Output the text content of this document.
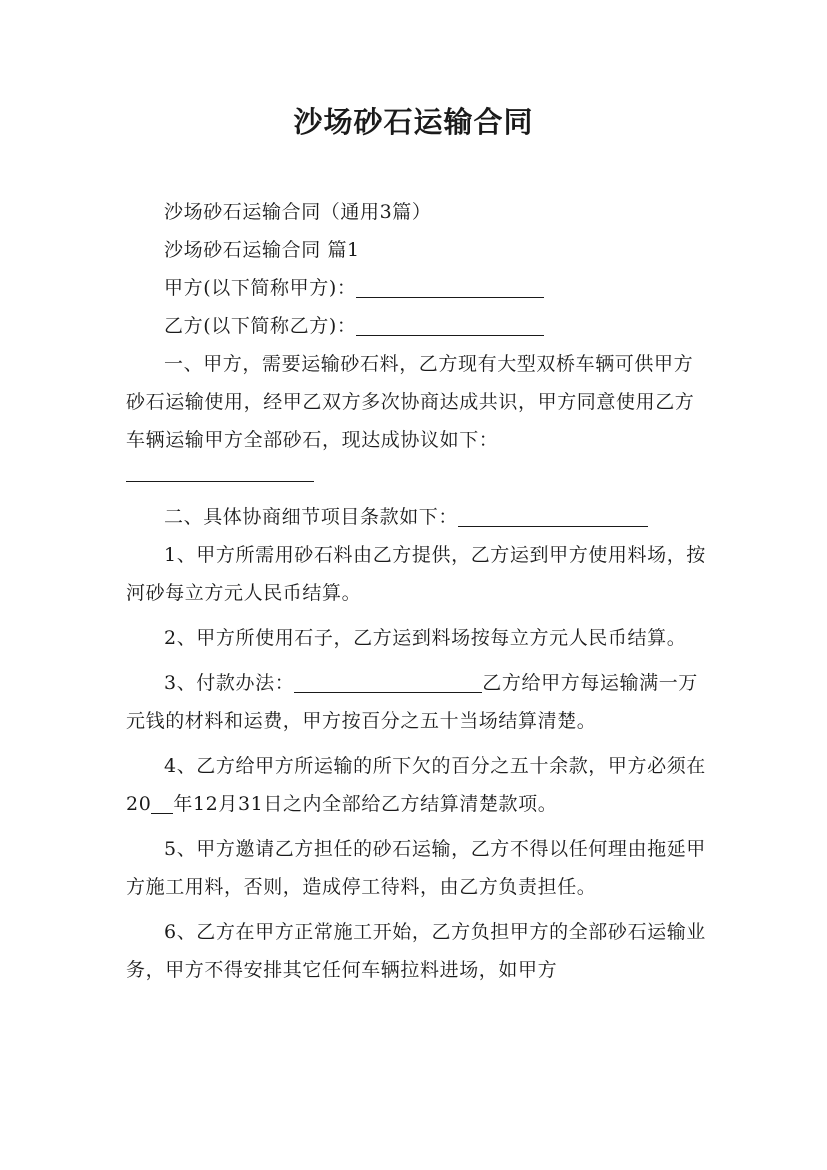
沙场砂石运输合同

沙场砂石运输合同（通用3篇）

沙场砂石运输合同 篇1

甲方(以下简称甲方)：

乙方(以下简称乙方)：

一、甲方，需要运输砂石料，乙方现有大型双桥车辆可供甲方砂石运输使用，经甲乙双方多次协商达成共识，甲方同意使用乙方车辆运输甲方全部砂石，现达成协议如下：

二、具体协商细节项目条款如下：

1、甲方所需用砂石料由乙方提供，乙方运到甲方使用料场，按河砂每立方元人民币结算。

2、甲方所使用石子，乙方运到料场按每立方元人民币结算。

3、付款办法：	乙方给甲方每运输满一万元钱的材料和运费，甲方按百分之五十当场结算清楚。

4、乙方给甲方所运输的所下欠的百分之五十余款，甲方必须在20 年12月31日之内全部给乙方结算清楚款项。

5、甲方邀请乙方担任的砂石运输，乙方不得以任何理由拖延甲方施工用料，否则，造成停工待料，由乙方负责担任。

6、乙方在甲方正常施工开始，乙方负担甲方的全部砂石运输业务，甲方不得安排其它任何车辆拉料进场，如甲方
